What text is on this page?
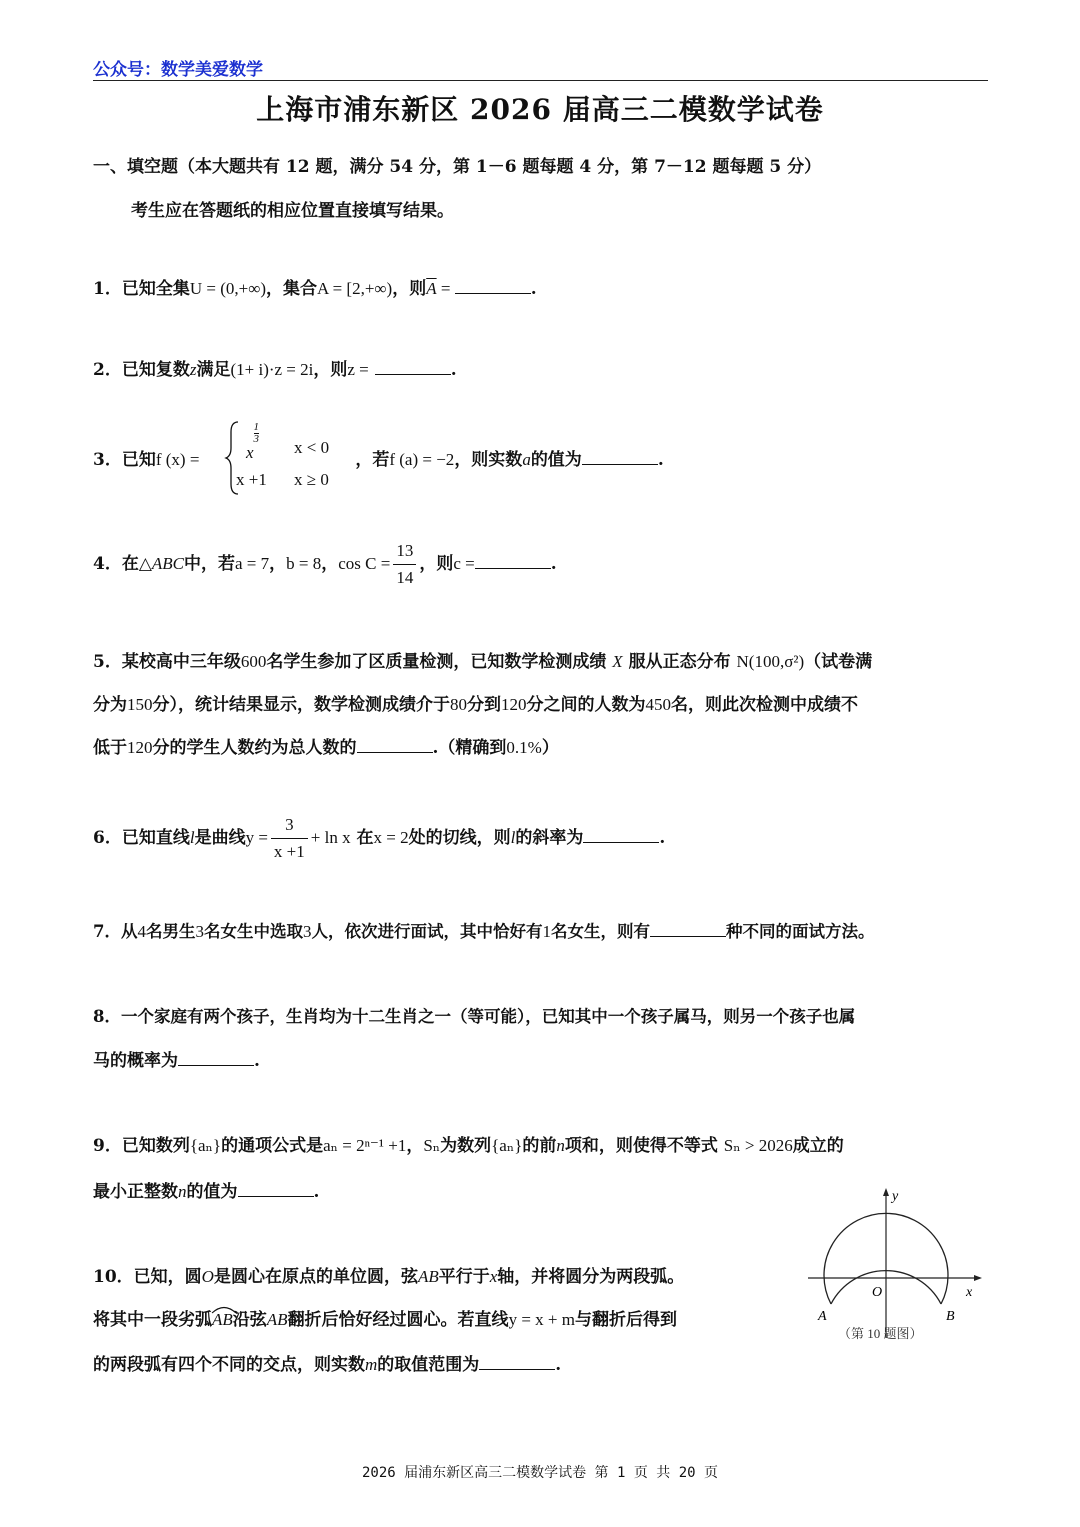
公众号：数学美爱数学
上海市浦东新区 2026 届高三二模数学试卷
一、填空题（本大题共有 12 题，满分 54 分，第 1－6 题每题 4 分，第 7－12 题每题 5 分）
考生应在答题纸的相应位置直接填写结果。
1．已知全集U = (0,+∞)，集合A = [2,+∞)，则$\overline{A}$ =	.
2．已知复数z满足(1+ i)·z = 2i，则z =	.
3．已知f (x) =	，若f (a) = −2，则实数a的值为	.
x
$\frac{1}{3}$
x < 0
x +1 x ≥ 0
4．在△ABC中，若a = 7，b = 8，$\cos C = \frac{13}{14}$ ，则c =	.
5．某校高中三年级600名学生参加了区质量检测，已知数学检测成绩 X 服从正态分布 N(100,σ²)（试卷满
分为150分），统计结果显示，数学检测成绩介于80分到120分之间的人数为450名，则此次检测中成绩不
低于120分的学生人数约为总人数的	.（精确到0.1%）
6．已知直线l是曲线$y = \frac{3}{x +1} + \ln x$ 在x = 2处的切线，则l的斜率为	.
7．从4名男生3名女生中选取3人，依次进行面试，其中恰好有1名女生，则有	种不同的面试方法。
8．一个家庭有两个孩子，生肖均为十二生肖之一（等可能），已知其中一个孩子属马，则另一个孩子也属
马的概率为	.
9．已知数列{aₙ}的通项公式是aₙ = 2ⁿ⁻¹ +1，Sₙ为数列{aₙ}的前n项和，则使得不等式 Sₙ > 2026成立的
最小正整数n的值为	.
10．已知，圆O是圆心在原点的单位圆，弦AB平行于x轴，并将圆分为两段弧。
将其中一段劣弧
AB沿弦AB翻折后恰好经过圆心。若直线y = x + m与翻折后得到
的两段弧有四个不同的交点，则实数m的取值范围为	.
y
x
O
A	B
（第 10 题图）
2026 届浦东新区高三二模数学试卷 第 1 页 共 20 页
